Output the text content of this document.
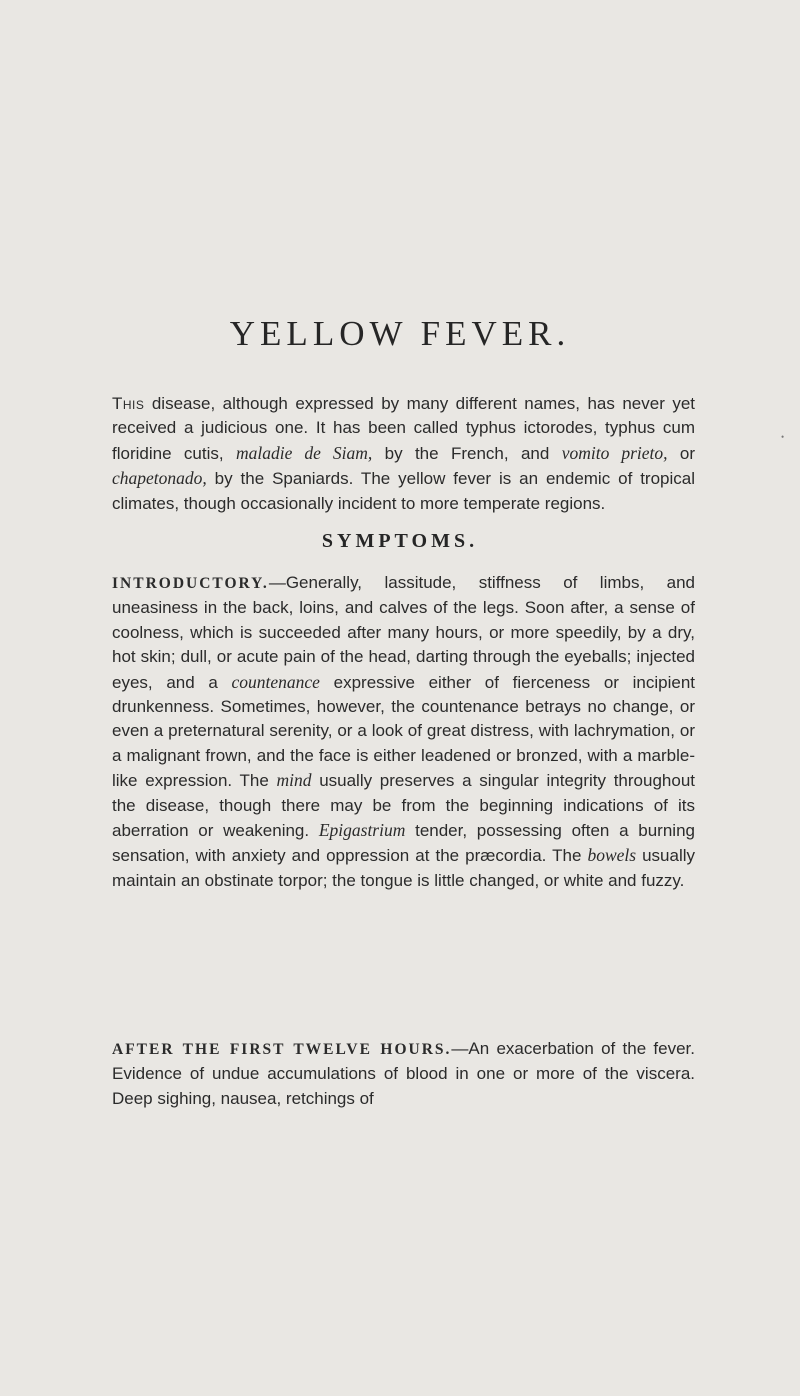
YELLOW FEVER.
•

This disease, although expressed by many different names, has never yet received a judicious one. It has been called typhus ictorodes, typhus cum floridine cutis, maladie de Siam, by the French, and vomito prieto, or chapetonado, by the Spaniards. The yellow fever is an endemic of tropical climates, though occasionally incident to more temperate regions.

SYMPTOMS.

INTRODUCTORY.—Generally, lassitude, stiffness of limbs, and uneasiness in the back, loins, and calves of the legs. Soon after, a sense of coolness, which is succeeded after many hours, or more speedily, by a dry, hot skin; dull, or acute pain of the head, darting through the eyeballs; injected eyes, and a countenance expressive either of fierceness or incipient drunkenness. Sometimes, however, the countenance betrays no change, or even a preternatural serenity, or a look of great distress, with lachrymation, or a malignant frown, and the face is either leadened or bronzed, with a marble-like expression. The mind usually preserves a singular integrity throughout the disease, though there may be from the beginning indications of its aberration or weakening. Epigastrium tender, possessing often a burning sensation, with anxiety and oppression at the præcordia. The bowels usually maintain an obstinate torpor; the tongue is little changed, or white and fuzzy.

AFTER THE FIRST TWELVE HOURS.—An exacerbation of the fever. Evidence of undue accumulations of blood in one or more of the viscera. Deep sighing, nausea, retchings of
